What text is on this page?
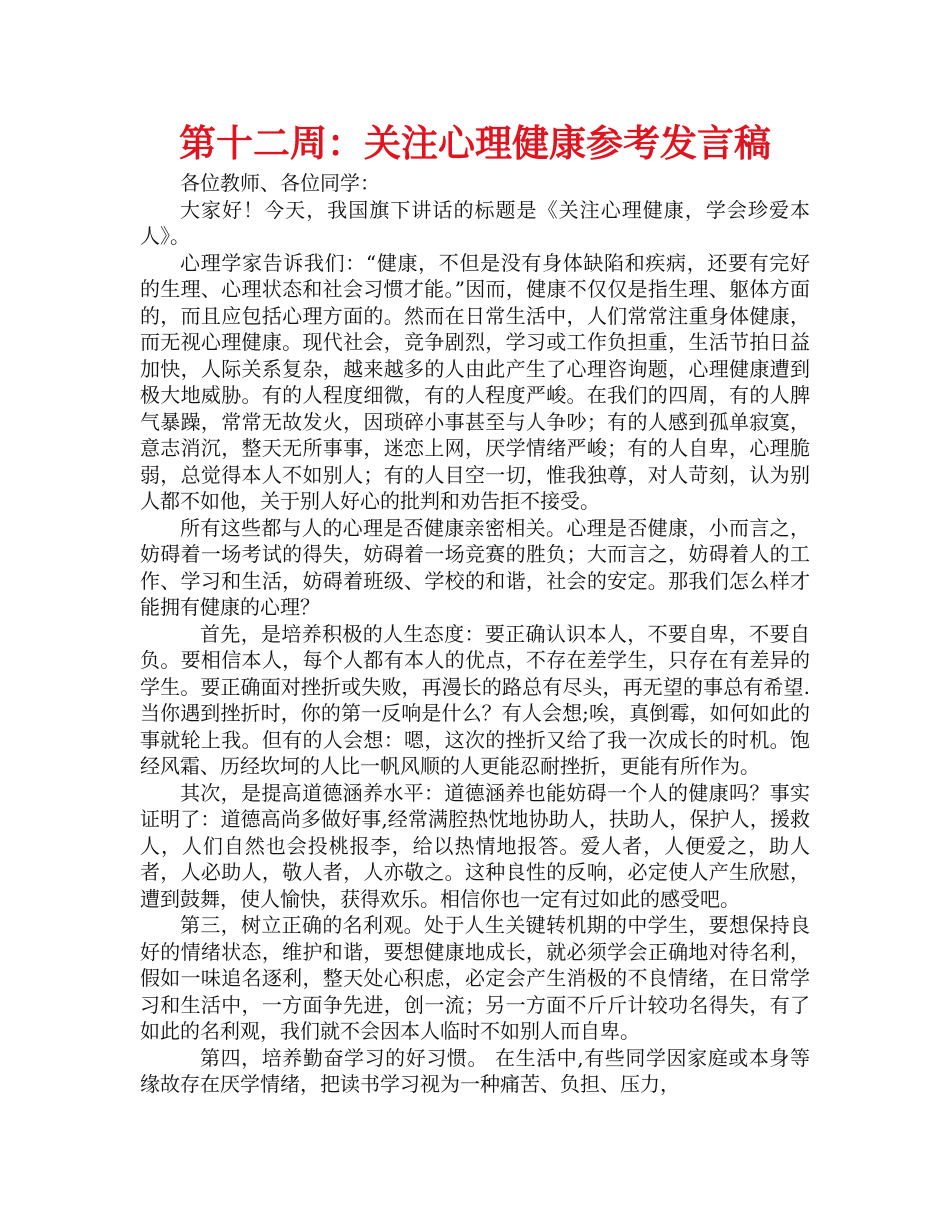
第十二周：关注心理健康参考发言稿

各位教师、各位同学：

大家好！今天，我国旗下讲话的标题是《关注心理健康，学会珍爱本人》。

心理学家告诉我们：“健康，不但是没有身体缺陷和疾病，还要有完好的生理、心理状态和社会习惯才能。”因而，健康不仅仅是指生理、躯体方面的，而且应包括心理方面的。然而在日常生活中，人们常常注重身体健康，而无视心理健康。现代社会，竞争剧烈，学习或工作负担重，生活节拍日益加快，人际关系复杂，越来越多的人由此产生了心理咨询题，心理健康遭到极大地威胁。有的人程度细微，有的人程度严峻。在我们的四周，有的人脾气暴躁，常常无故发火，因琐碎小事甚至与人争吵；有的人感到孤单寂寞，意志消沉，整天无所事事，迷恋上网，厌学情绪严峻；有的人自卑，心理脆弱，总觉得本人不如别人；有的人目空一切，惟我独尊，对人苛刻，认为别人都不如他，关于别人好心的批判和劝告拒不接受。

所有这些都与人的心理是否健康亲密相关。心理是否健康，小而言之，妨碍着一场考试的得失，妨碍着一场竞赛的胜负；大而言之，妨碍着人的工作、学习和生活，妨碍着班级、学校的和谐，社会的安定。那我们怎么样才能拥有健康的心理？

首先，是培养积极的人生态度：要正确认识本人，不要自卑，不要自负。要相信本人，每个人都有本人的优点，不存在差学生，只存在有差异的学生。要正确面对挫折或失败，再漫长的路总有尽头，再无望的事总有希望.当你遇到挫折时，你的第一反响是什么？有人会想;唉，真倒霉，如何如此的事就轮上我。但有的人会想：嗯，这次的挫折又给了我一次成长的时机。饱经风霜、历经坎坷的人比一帆风顺的人更能忍耐挫折，更能有所作为。

其次，是提高道德涵养水平：道德涵养也能妨碍一个人的健康吗？事实证明了：道德高尚多做好事,经常满腔热忱地协助人，扶助人，保护人，援救人，人们自然也会投桃报李，给以热情地报答。爱人者，人便爱之，助人者，人必助人，敬人者，人亦敬之。这种良性的反响，必定使人产生欣慰，遭到鼓舞，使人愉快，获得欢乐。相信你也一定有过如此的感受吧。

第三，树立正确的名利观。处于人生关键转机期的中学生，要想保持良好的情绪状态，维护和谐，要想健康地成长，就必须学会正确地对待名利，假如一味追名逐利，整天处心积虑，必定会产生消极的不良情绪，在日常学习和生活中，一方面争先进，创一流；另一方面不斤斤计较功名得失，有了如此的名利观，我们就不会因本人临时不如别人而自卑。

第四，培养勤奋学习的好习惯。 在生活中,有些同学因家庭或本身等缘故存在厌学情绪，把读书学习视为一种痛苦、负担、压力，
